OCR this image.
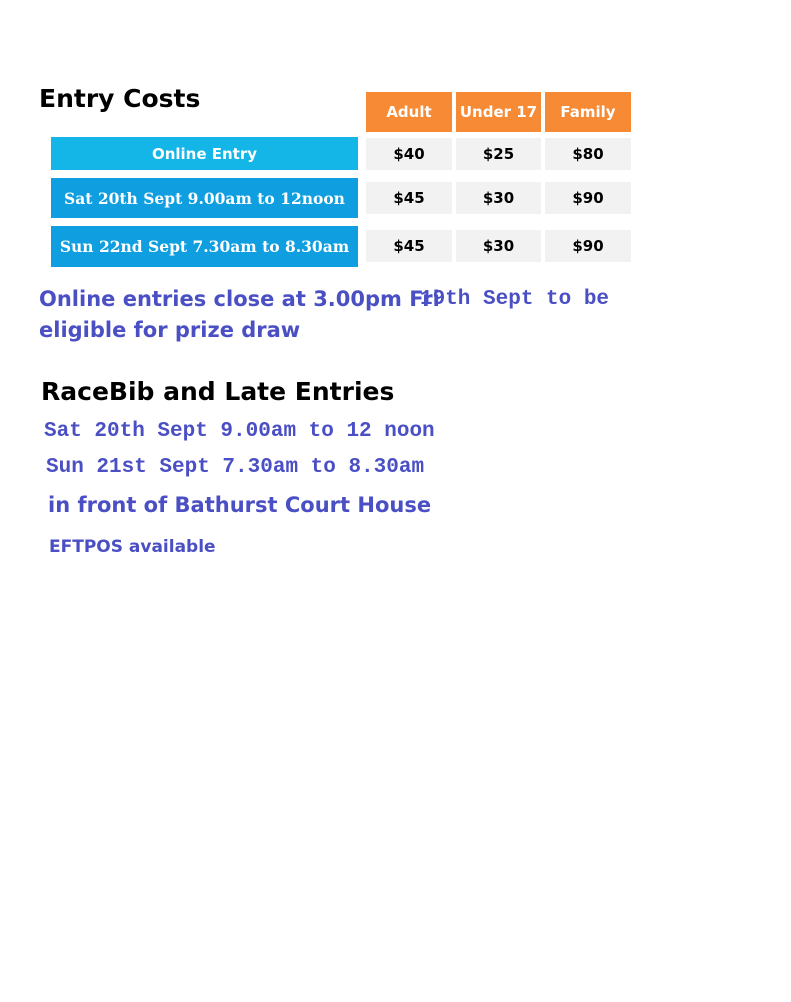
Entry Costs	Adult	Under 17	Family
Online Entry	$40	$25	$80
Sat 20th Sept 9.00am to 12noon	$45	$30	$90
Sun 22nd Sept 7.30am to 8.30am	$45	$30	$90
Online entries close at 3.00pm Fri
19th Sept to be
eligible for prize draw
RaceBib and Late Entries
Sat 20th Sept 9.00am to 12 noon
Sun 21st Sept 7.30am to 8.30am
in front of Bathurst Court House
EFTPOS available
